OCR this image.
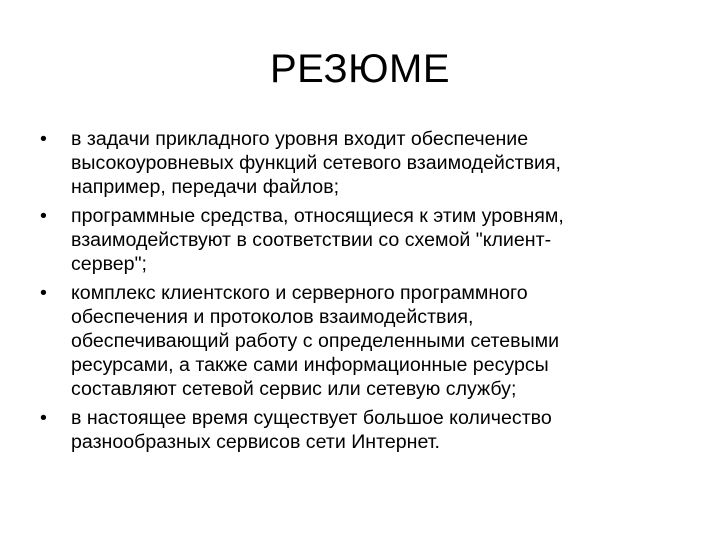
РЕЗЮМЕ
•	в задачи прикладного уровня входит обеспечение
высокоуровневых функций сетевого взаимодействия,
например, передачи файлов;
•	программные средства, относящиеся к этим уровням,
взаимодействуют в соответствии со схемой "клиент-
сервер";
•	комплекс клиентского и серверного программного
обеспечения и протоколов взаимодействия,
обеспечивающий работу с определенными сетевыми
ресурсами, а также сами информационные ресурсы
составляют сетевой сервис или сетевую службу;
•	в настоящее время существует большое количество
разнообразных сервисов сети Интернет.
